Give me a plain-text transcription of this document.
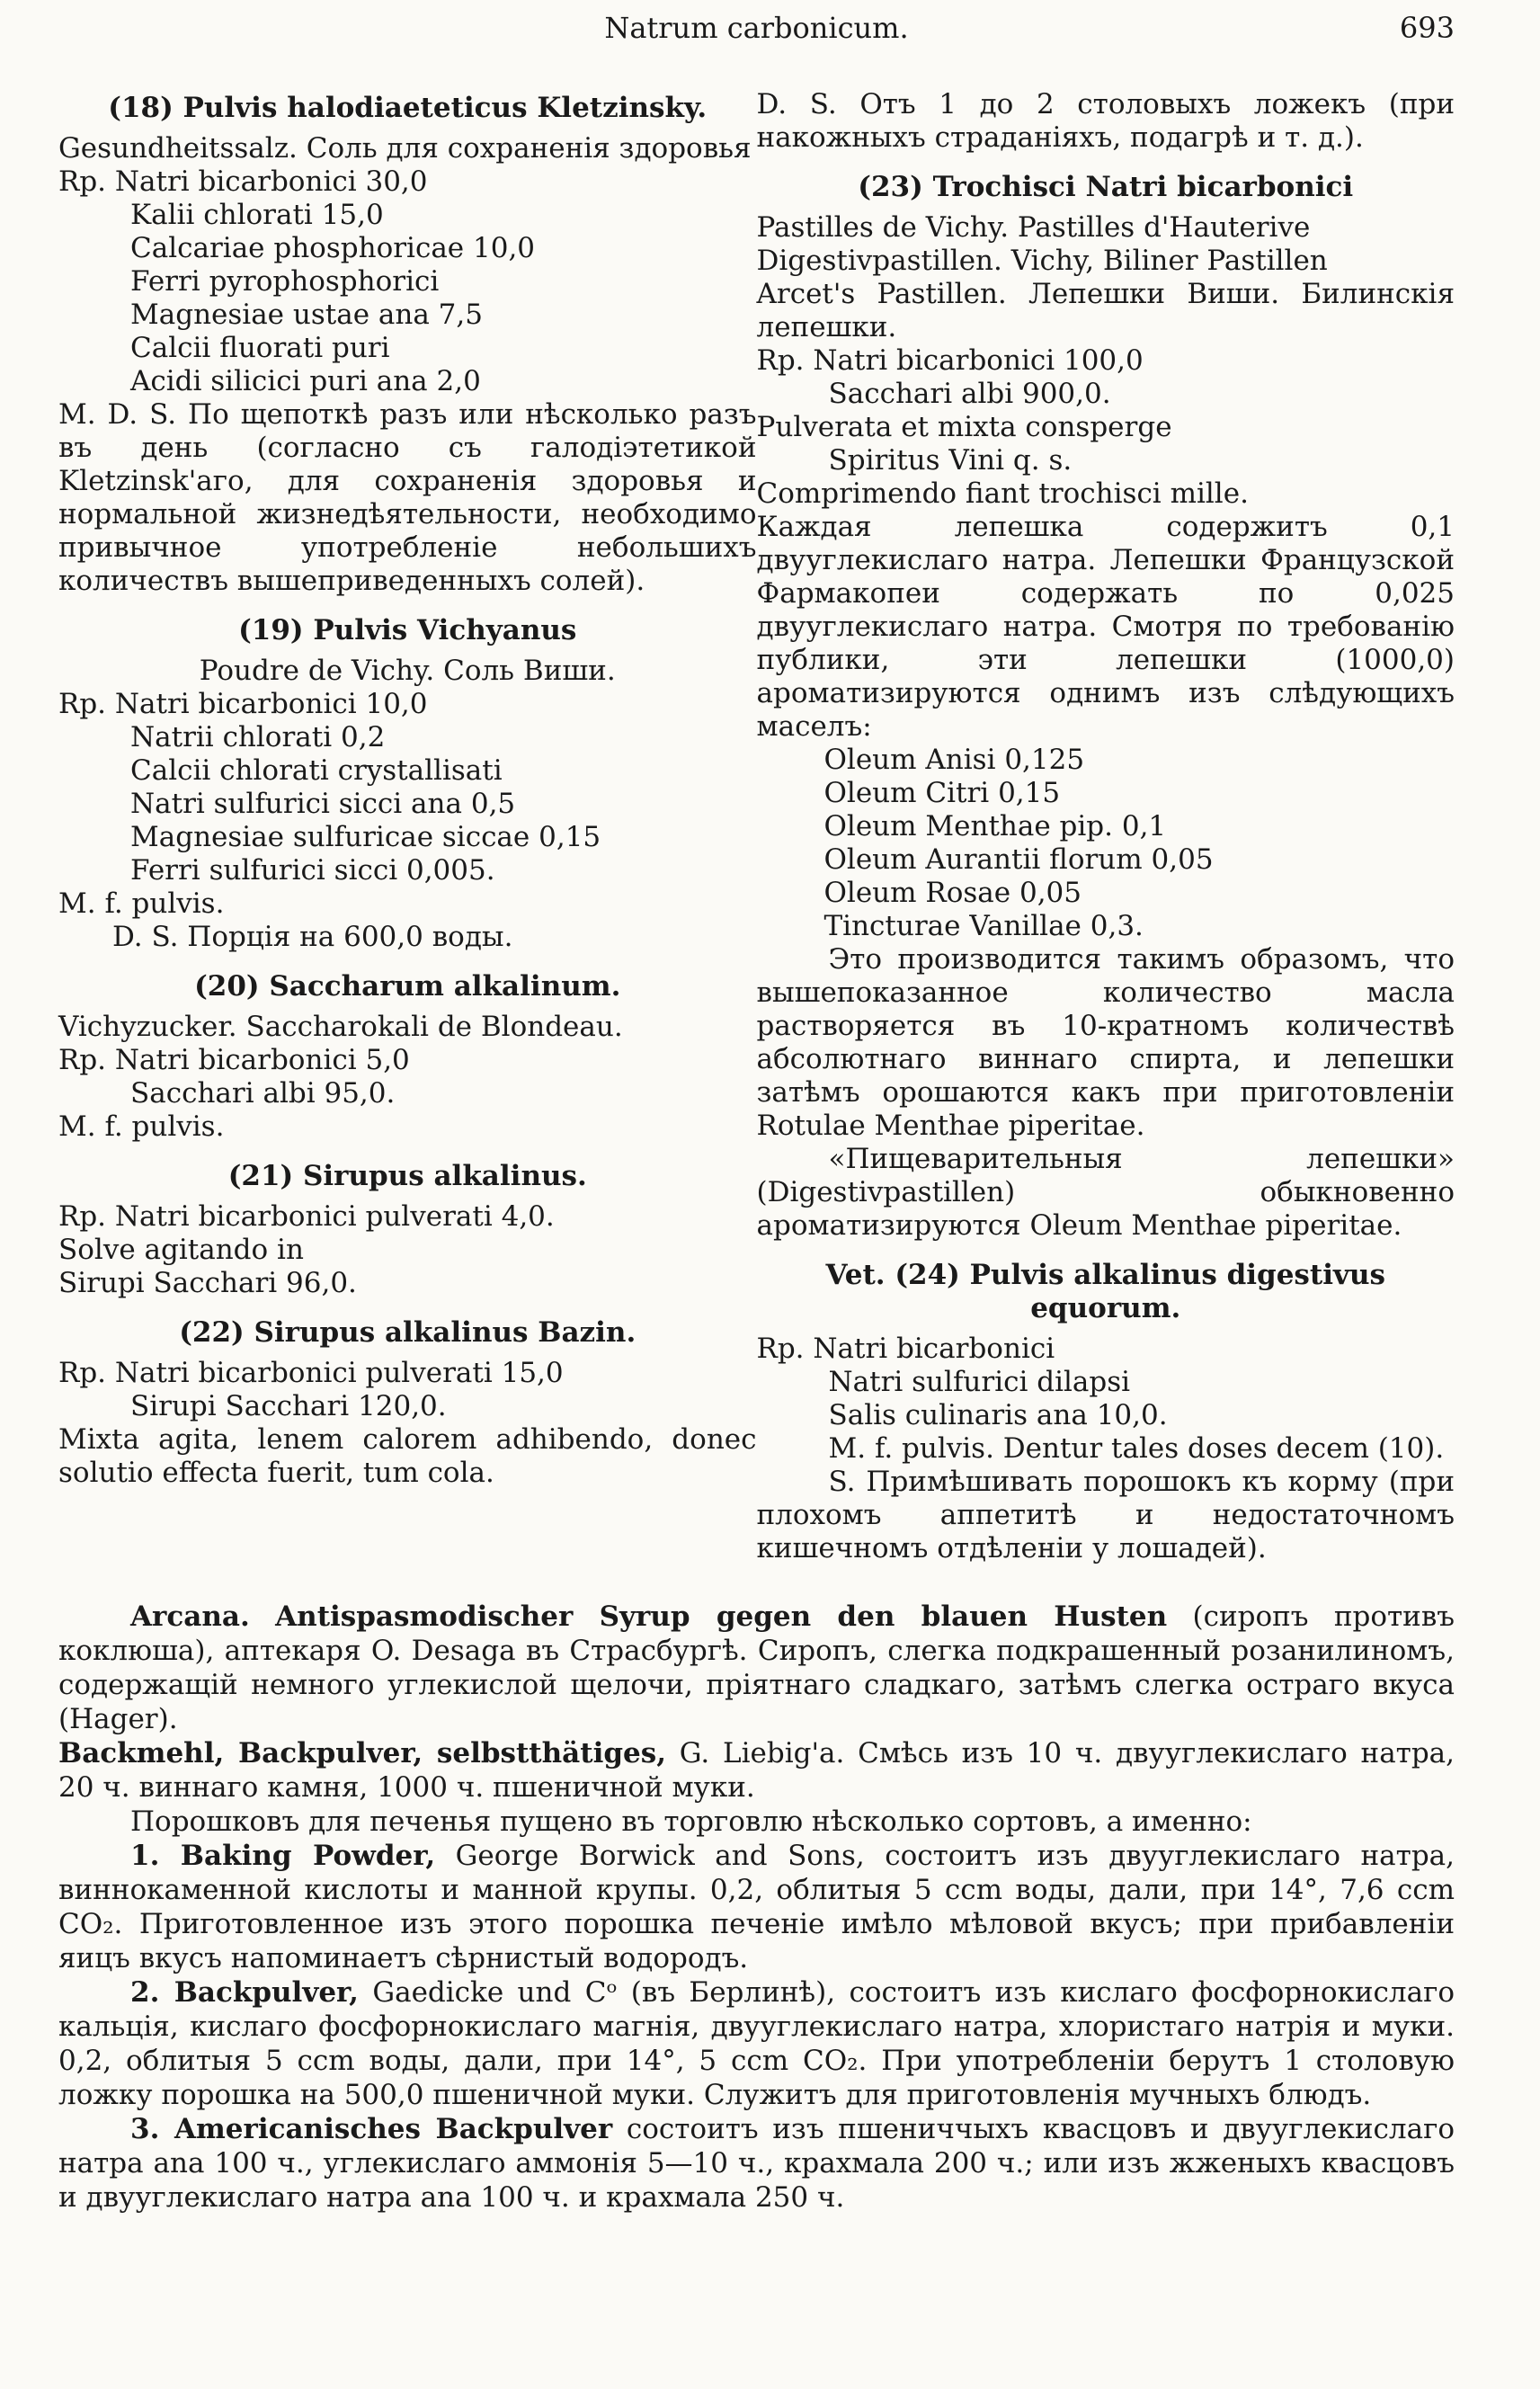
Natrum carbonicum.	693
(18) Pulvis halodiaeteticus Kletzinsky.
Gesundheitssalz. Соль для сохраненія здоровья
Rp. Natri bicarbonici 30,0
Kalii chlorati 15,0
Calcariae phosphoricae 10,0
Ferri pyrophosphorici
Magnesiae ustae ana 7,5
Calcii fluorati puri
Acidi silicici puri ana 2,0
M. D. S. По щепоткѣ разъ или нѣсколько разъ въ день (согласно съ галодіэтетикой Kletzinsk'аго, для сохраненія здоровья и нормальной жизнедѣятельности, необходимо привычное употребленіе небольшихъ количествъ вышеприведенныхъ солей).
(19) Pulvis Vichyanus
Poudre de Vichy. Соль Виши.
Rp. Natri bicarbonici 10,0
Natrii chlorati 0,2
Calcii chlorati crystallisati
Natri sulfurici sicci ana 0,5
Magnesiae sulfuricae siccae 0,15
Ferri sulfurici sicci 0,005.
M. f. pulvis.
D. S. Порція на 600,0 воды.
(20) Saccharum alkalinum.
Vichyzucker. Saccharokali de Blondeau.
Rp. Natri bicarbonici 5,0
Sacchari albi 95,0.
M. f. pulvis.
(21) Sirupus alkalinus.
Rp. Natri bicarbonici pulverati 4,0.
Solve agitando in
Sirupi Sacchari 96,0.
(22) Sirupus alkalinus Bazin.
Rp. Natri bicarbonici pulverati 15,0
Sirupi Sacchari 120,0.
Mixta agita, lenem calorem adhibendo, donec solutio effecta fuerit, tum cola.
D. S. Отъ 1 до 2 столовыхъ ложекъ (при накожныхъ страданіяхъ, подагрѣ и т. д.).
(23) Trochisci Natri bicarbonici
Pastilles de Vichy. Pastilles d'Hauterive
Digestivpastillen. Vichy, Biliner Pastillen
Arcet's Pastillen. Лепешки Виши. Билинскія лепешки.
Rp. Natri bicarbonici 100,0
Sacchari albi 900,0.
Pulverata et mixta consperge
Spiritus Vini q. s.
Comprimendo fiant trochisci mille.
Каждая лепешка содержитъ 0,1 двууглекислаго натра. Лепешки Французской Фармакопеи содержать по 0,025 двууглекислаго натра. Смотря по требованію публики, эти лепешки (1000,0) ароматизируются однимъ изъ слѣдующихъ маселъ:
Oleum Anisi 0,125
Oleum Citri 0,15
Oleum Menthae pip. 0,1
Oleum Aurantii florum 0,05
Oleum Rosae 0,05
Tincturae Vanillae 0,3.
Это производится такимъ образомъ, что вышепоказанное количество масла растворяется въ 10-кратномъ количествѣ абсолютнаго виннаго спирта, и лепешки затѣмъ орошаются какъ при приготовленіи Rotulae Menthae piperitae.
«Пищеварительныя лепешки» (Digestivpastillen) обыкновенно ароматизируются Oleum Menthae piperitae.
Vet. (24) Pulvis alkalinus digestivus equorum.
Rp. Natri bicarbonici
Natri sulfurici dilapsi
Salis culinaris ana 10,0.
M. f. pulvis. Dentur tales doses decem (10).
S. Примѣшивать порошокъ къ корму (при плохомъ аппетитѣ и недостаточномъ кишечномъ отдѣленіи у лошадей).

Arcana. Antispasmodischer Syrup gegen den blauen Husten (сиропъ противъ коклюша), аптекаря O. Desaga въ Страсбургѣ. Сиропъ, слегка подкрашенный розанилиномъ, содержащій немного углекислой щелочи, пріятнаго сладкаго, затѣмъ слегка остраго вкуса (Hager).

Backmehl, Backpulver, selbstthätiges, G. Liebig'а. Смѣсь изъ 10 ч. двууглекислаго натра, 20 ч. виннаго камня, 1000 ч. пшеничной муки.

Порошковъ для печенья пущено въ торговлю нѣсколько сортовъ, а именно:

1. Baking Powder, George Borwick and Sons, состоитъ изъ двууглекислаго натра, виннокаменной кислоты и манной крупы. 0,2, облитыя 5 ccm воды, дали, при 14°, 7,6 ccm CO₂. Приготовленное изъ этого порошка печеніе имѣло мѣловой вкусъ; при прибавленіи яицъ вкусъ напоминаетъ сѣрнистый водородъ.

2. Backpulver, Gaedicke und Cᵒ (въ Берлинѣ), состоитъ изъ кислаго фосфорнокислаго кальція, кислаго фосфорнокислаго магнія, двууглекислаго натра, хлористаго натрія и муки. 0,2, облитыя 5 ccm воды, дали, при 14°, 5 ccm CO₂. При употребленіи берутъ 1 столовую ложку порошка на 500,0 пшеничной муки. Служитъ для приготовленія мучныхъ блюдъ.

3. Americanisches Backpulver состоитъ изъ пшениччыхъ квасцовъ и двууглекислаго натра ana 100 ч., углекислаго аммонія 5—10 ч., крахмала 200 ч.; или изъ жженыхъ квасцовъ и двууглекислаго натра ana 100 ч. и крахмала 250 ч.
